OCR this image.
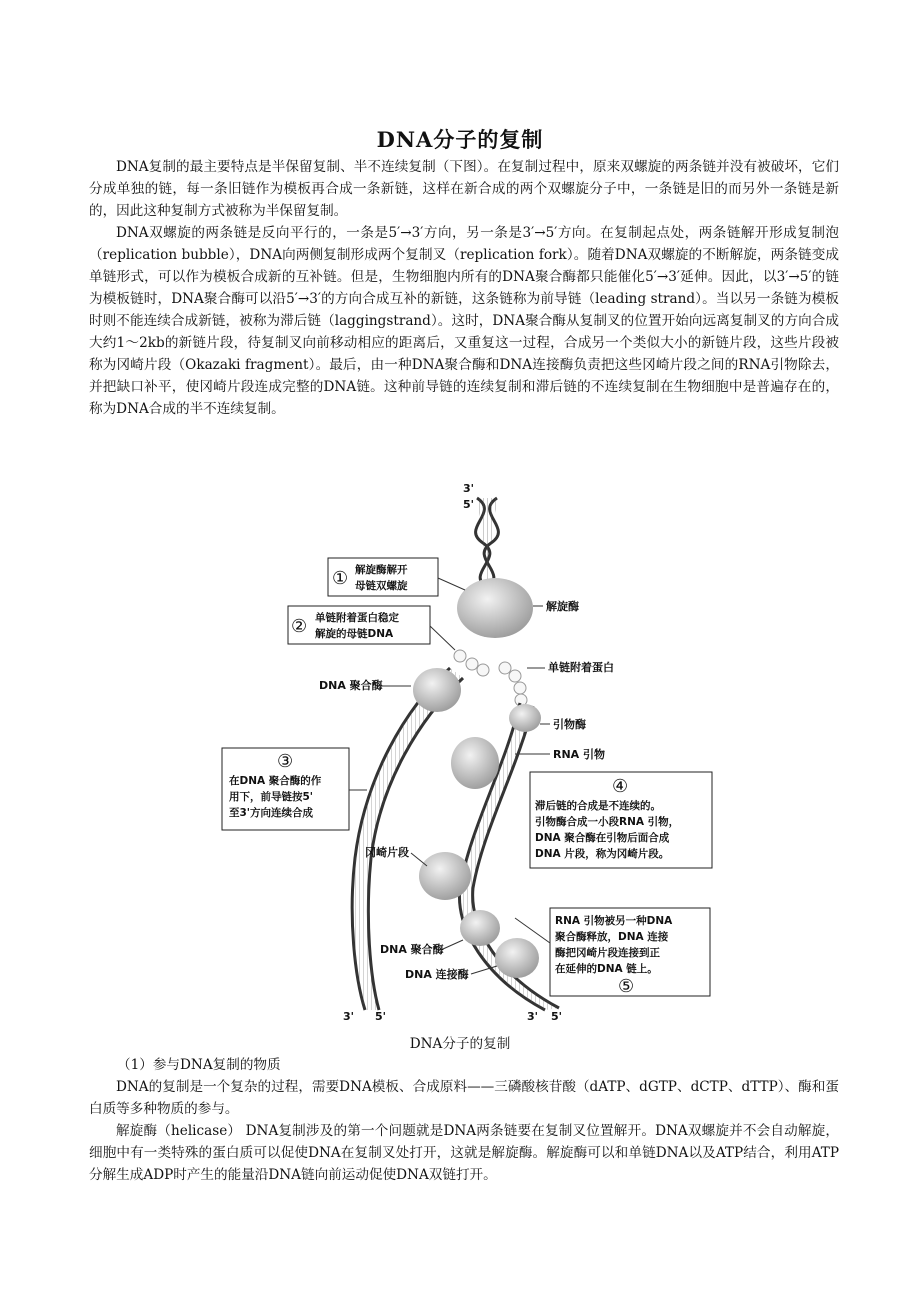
DNA分子的复制

DNA复制的最主要特点是半保留复制、半不连续复制（下图）。在复制过程中，原来双螺旋的两条链并没有被破坏，它们分成单独的链，每一条旧链作为模板再合成一条新链，这样在新合成的两个双螺旋分子中，一条链是旧的而另外一条链是新的，因此这种复制方式被称为半保留复制。

DNA双螺旋的两条链是反向平行的，一条是5′→3′方向，另一条是3′→5′方向。在复制起点处，两条链解开形成复制泡（replication bubble），DNA向两侧复制形成两个复制叉（replication fork）。随着DNA双螺旋的不断解旋，两条链变成单链形式，可以作为模板合成新的互补链。但是，生物细胞内所有的DNA聚合酶都只能催化5′→3′延伸。因此，以3′→5′的链为模板链时，DNA聚合酶可以沿5′→3′的方向合成互补的新链，这条链称为前导链（leading strand）。当以另一条链为模板时则不能连续合成新链，被称为滞后链（laggingstrand）。这时，DNA聚合酶从复制叉的位置开始向远离复制叉的方向合成大约1～2kb的新链片段，待复制叉向前移动相应的距离后，又重复这一过程，合成另一个类似大小的新链片段，这些片段被称为冈崎片段（Okazaki fragment）。最后，由一种DNA聚合酶和DNA连接酶负责把这些冈崎片段之间的RNA引物除去，并把缺口补平，使冈崎片段连成完整的DNA链。这种前导链的连续复制和滞后链的不连续复制在生物细胞中是普遍存在的，称为DNA合成的半不连续复制。

3'
5'
3' 5'	3' 5'
解旋酶
单链附着蛋白
引物酶
RNA 引物
冈崎片段
DNA 聚合酶
DNA 聚合酶
DNA 连接酶
① 解旋酶解开
母链双螺旋
② 单链附着蛋白稳定
解旋的母链DNA
③
在DNA 聚合酶的作
用下，前导链按5'
至3'方向连续合成
④
滞后链的合成是不连续的。
引物酶合成一小段RNA 引物，
DNA 聚合酶在引物后面合成
DNA 片段，称为冈崎片段。
RNA 引物被另一种DNA
聚合酶释放，DNA 连接
酶把冈崎片段连接到正
在延伸的DNA 链上。
⑤
DNA分子的复制

（1）参与DNA复制的物质

DNA的复制是一个复杂的过程，需要DNA模板、合成原料——三磷酸核苷酸（dATP、dGTP、dCTP、dTTP）、酶和蛋白质等多种物质的参与。

解旋酶（helicase） DNA复制涉及的第一个问题就是DNA两条链要在复制叉位置解开。DNA双螺旋并不会自动解旋，细胞中有一类特殊的蛋白质可以促使DNA在复制叉处打开，这就是解旋酶。解旋酶可以和单链DNA以及ATP结合，利用ATP分解生成ADP时产生的能量沿DNA链向前运动促使DNA双链打开。
